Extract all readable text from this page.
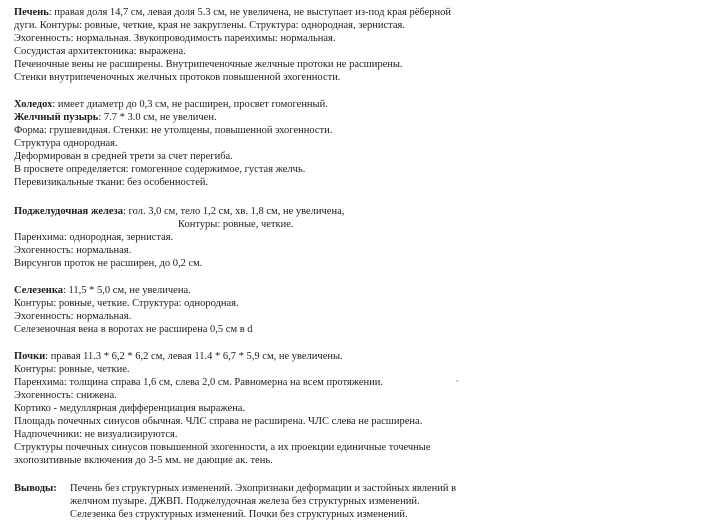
Печень: правая доля 14,7 см, левая доля 5.3 см, не увеличена, не выступает из-под края рёберной
дуги. Контуры: ровные, четкие, края не закруглены. Структура: однородная, зернистая.
Эхогенность: нормальная. Звукопроводимость паренхимы: нормальная.
Сосудистая архитектоника: выражена.
Печеночные вены не расширены. Внутрипеченочные желчные протоки не расширены.
Стенки внутрипеченочных желчных протоков повышенной эхогенности.
Холедох: имеет диаметр до 0,3 см, не расширен, просвет гомогенный.
Желчный пузырь: 7.7 * 3.0 см, не увеличен.
Форма: грушевидная. Стенки: не утолщены, повышенной эхогенности.
Структура однородная.
Деформирован в средней трети за счет перегиба.
В просвете определяется: гомогенное содержимое, густая желчь.
Перевизикальные ткани: без особенностей.
Поджелудочная железа: гол. 3,0 см, тело 1,2 см, хв. 1,8 см, не увеличена,
Контуры: ровные, четкие.
Паренхима: однородная, зернистая.
Эхогенность: нормальная.
Вирсунгов проток не расширен, до 0,2 см.
Селезенка: 11,5 * 5,0 см, не увеличена.
Контуры: ровные, четкие. Структура: однородная.
Эхогенность: нормальная.
Селезеночная вена в воротах не расширена 0,5 см в d
Почки: правая 11.3 * 6,2 * 6,2 см, левая 11.4 * 6,7 * 5,9 см, не увеличены.
Контуры: ровные, четкие.
Паренхима: толщина справа 1,6 см, слева 2,0 см. Равномерна на всем протяжении.
Эхогенность: снижена.
Кортико - медуллярная дифференциация выражена.
Площадь почечных синусов обычная. ЧЛС справа не расширена. ЧЛС слева не расширена.
Надпочечники: не визуализируются.
Структуры почечных синусов повышенной эхогенности, а их проекции единичные точечные
эхопозитивные включения до 3-5 мм. не дающие ак. тень.
Выводы: Печень без структурных изменений. Эхопризнаки деформации и застойных явлений в
желчном пузыре. ДЖВП. Поджелудочная железа без структурных изменений.
Селезенка без структурных изменений. Почки без структурных изменений.
˜
